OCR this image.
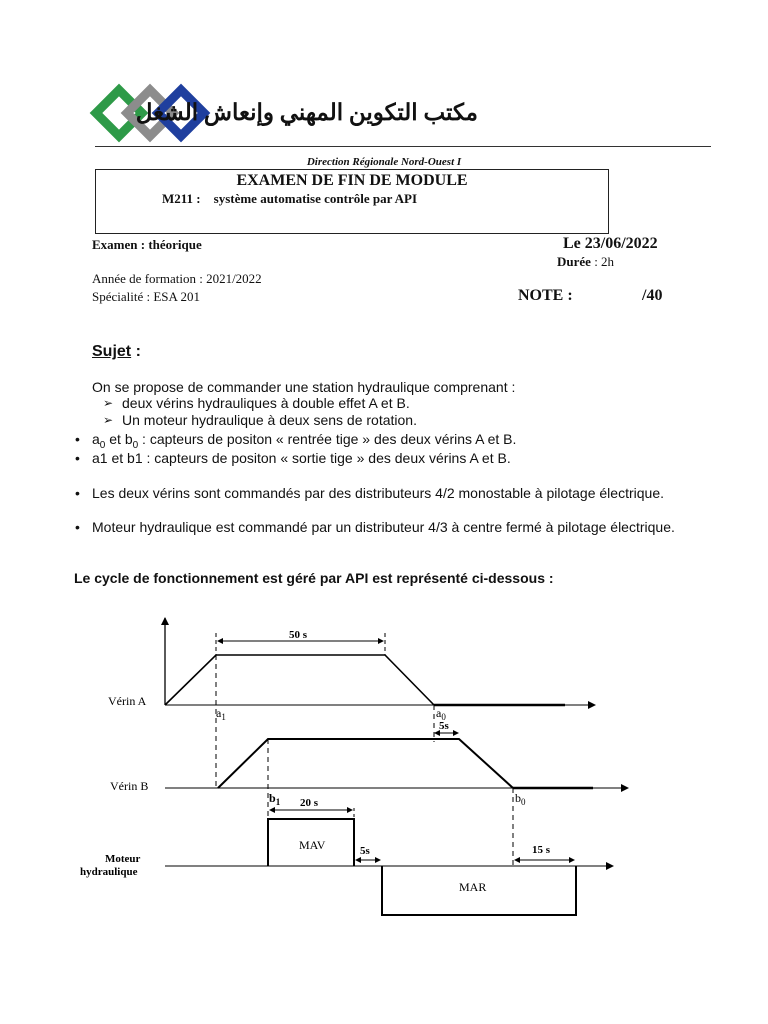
مكتب التكوين المهني وإنعاش الشغل
Direction Régionale Nord-Ouest I
EXAMEN DE FIN DE MODULE
M211 : système automatise contrôle par API
Examen : théorique	Le 23/06/2022
Durée : 2h
Année de formation : 2021/2022
Spécialité : ESA 201	NOTE :	/40
Sujet :
On se propose de commander une station hydraulique comprenant :
➢ deux vérins hydrauliques à double effet A et B.
➢ Un moteur hydraulique à deux sens de rotation.
• $a_0$ et $b_0$ : capteurs de positon « rentrée tige » des deux vérins A et B.
• a1 et b1 : capteurs de positon « sortie tige » des deux vérins A et B.
• Les deux vérins sont commandés par des distributeurs 4/2 monostable à pilotage électrique.
• Moteur hydraulique est commandé par un distributeur 4/3 à centre fermé à pilotage électrique.
Le cycle de fonctionnement est géré par API est représenté ci-dessous :
Vérin A
Vérin B
Moteur
hydraulique
MAV
MAR
50 s
5s
20 s
5s	15 s
$a_1$	$a_0$
$b_1$	$b_0$
